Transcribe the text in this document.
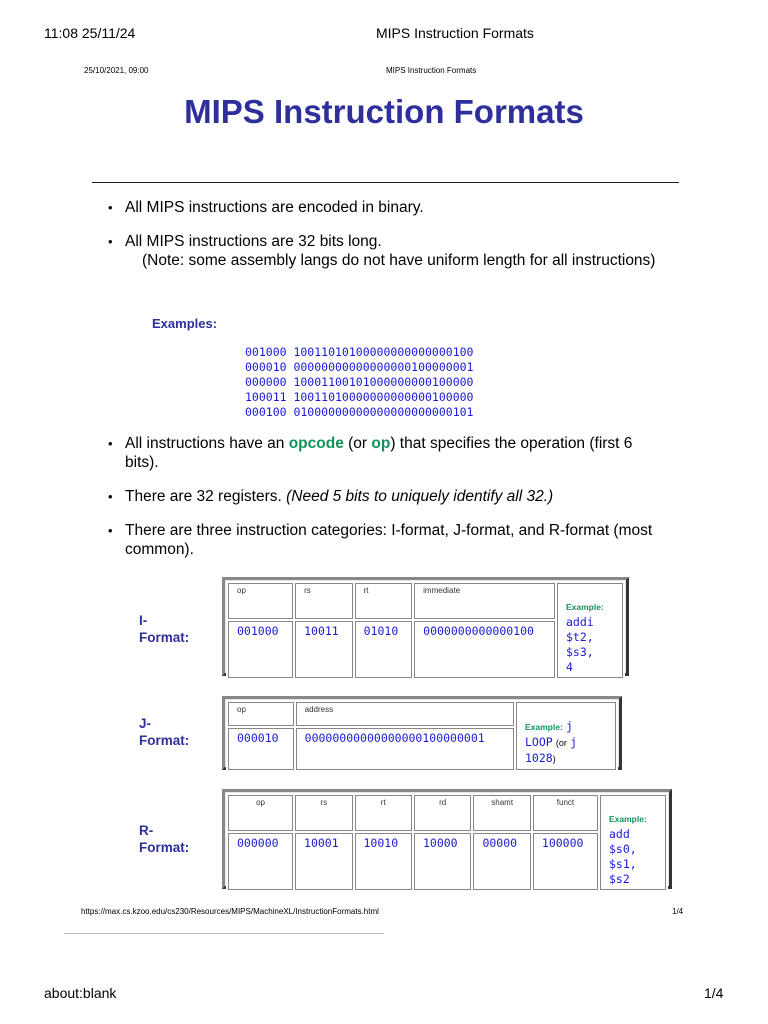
11:08 25/11/24	MIPS Instruction Formats
25/10/2021, 09:00	MIPS Instruction Formats
MIPS Instruction Formats
• All MIPS instructions are encoded in binary.
• All MIPS instructions are 32 bits long.
(Note: some assembly langs do not have uniform length for all instructions)
Examples:
001000 10011010100000000000000100
000010 00000000000000000100000001
000000 10001100101000000000100000
100011 10011010000000000000100000
000100 01000000000000000000000101
• All instructions have an opcode (or op) that specifies the operation (first 6 bits).
• There are 32 registers. (Need 5 bits to uniquely identify all 32.)
• There are three instruction categories: I-format, J-format, and R-format (most common).
I-
Format:
op	rs	rt	immediate	Example:
addi
$t2,
$s3,
4

001000	10011	01010	0000000000000100	
J-
Format:
op	address	Example: j
LOOP (or j
1028)
000010	00000000000000000100000001	
R-
Format:
op	rs	rt	rd	shamt	funct	Example:
add
$s0,
$s1,
$s2

000000	10001	10010	10000	00000	100000	
https://max.cs.kzoo.edu/cs230/Resources/MIPS/MachineXL/InstructionFormats.html	1/4
about:blank	1/4
